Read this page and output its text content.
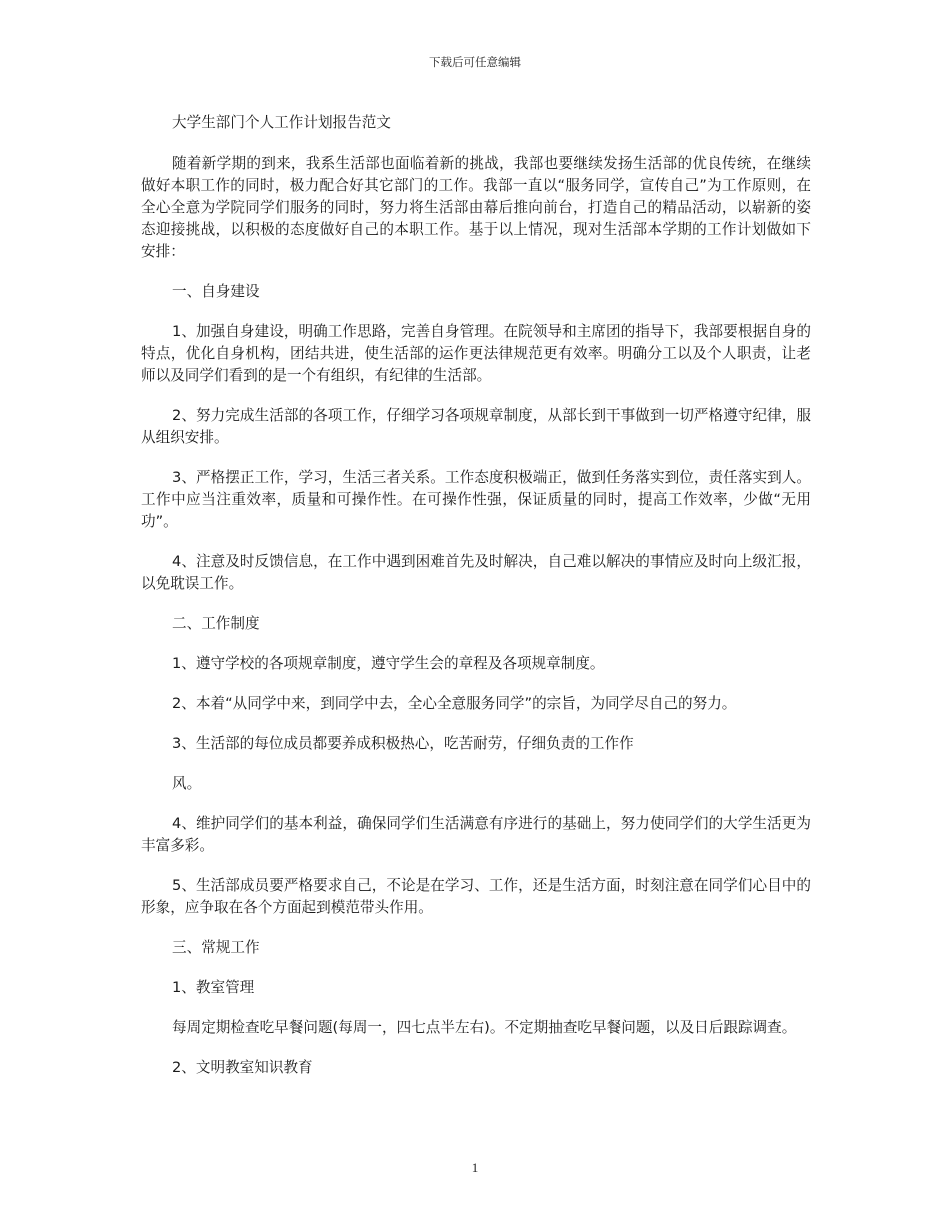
下载后可任意编辑

大学生部门个人工作计划报告范文

随着新学期的到来，我系生活部也面临着新的挑战，我部也要继续发扬生活部的优良传统，在继续做好本职工作的同时，极力配合好其它部门的工作。我部一直以“服务同学，宣传自己”为工作原则，在全心全意为学院同学们服务的同时，努力将生活部由幕后推向前台，打造自己的精品活动，以崭新的姿态迎接挑战，以积极的态度做好自己的本职工作。基于以上情况，现对生活部本学期的工作计划做如下安排：

一、自身建设

1、加强自身建设，明确工作思路，完善自身管理。在院领导和主席团的指导下，我部要根据自身的特点，优化自身机构，团结共进，使生活部的运作更法律规范更有效率。明确分工以及个人职责，让老师以及同学们看到的是一个有组织，有纪律的生活部。

2、努力完成生活部的各项工作，仔细学习各项规章制度，从部长到干事做到一切严格遵守纪律，服从组织安排。

3、严格摆正工作，学习，生活三者关系。工作态度积极端正，做到任务落实到位，责任落实到人。工作中应当注重效率，质量和可操作性。在可操作性强，保证质量的同时，提高工作效率，少做“无用功”。

4、注意及时反馈信息，在工作中遇到困难首先及时解决，自己难以解决的事情应及时向上级汇报，以免耽误工作。

二、工作制度

1、遵守学校的各项规章制度，遵守学生会的章程及各项规章制度。

2、本着“从同学中来，到同学中去，全心全意服务同学”的宗旨，为同学尽自己的努力。

3、生活部的每位成员都要养成积极热心，吃苦耐劳，仔细负责的工作作

风。

4、维护同学们的基本利益，确保同学们生活满意有序进行的基础上，努力使同学们的大学生活更为丰富多彩。

5、生活部成员要严格要求自己，不论是在学习、工作，还是生活方面，时刻注意在同学们心目中的形象，应争取在各个方面起到模范带头作用。

三、常规工作

1、教室管理

每周定期检查吃早餐问题(每周一，四七点半左右)。不定期抽查吃早餐问题，以及日后跟踪调查。

2、文明教室知识教育

1
